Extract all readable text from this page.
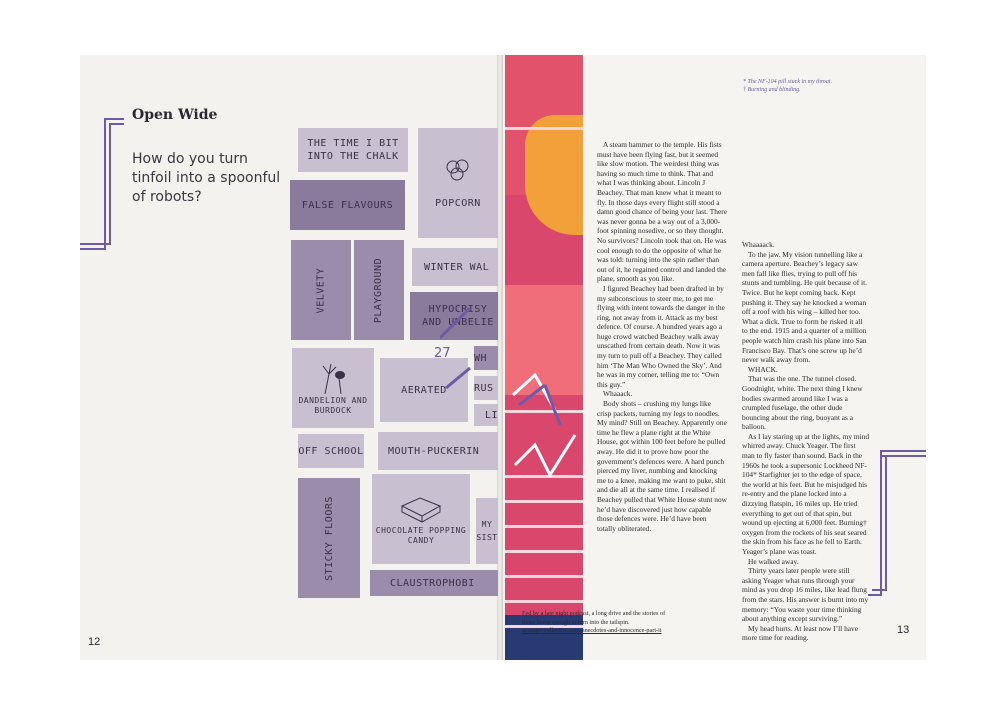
Open Wide
How do you turn tinfoil into a spoonful of robots?
THE TIME I BIT INTO THE CHALK
FALSE FLAVOURS	POPCORN
VELVETY	PLAYGROUND	WINTER WAL
HYPOCRISY AND UNBELIE
DANDELION AND BURDOCK
AERATED
WH
RUS
LI
OFF SCHOOL MOUTH-PUCKERIN
STICKY FLOORS	CHOCOLATE POPPING CANDY
MY SIST
CLAUSTROPHOBI
27
12
* The NF-104 pill stuck in my throat.
† Burning and blinding.

A steam hammer to the temple. His fists must have been flying fast, but it seemed like slow motion. The weirdest thing was having so much time to think. That and what I was thinking about. Lincoln J Beachey. That man knew what it meant to fly. In those days every flight still stood a damn good chance of being your last. There was never gonna be a way out of a 3,000-foot spinning nosedive, or so they thought. No survivors? Lincoln took that on. He was cool enough to do the opposite of what he was told: turning into the spin rather than out of it, he regained control and landed the plane, smooth as you like.

I figured Beachey had been drafted in by my subconscious to steer me, to get me flying with intent towards the danger in the ring, not away from it. Attack as my best defence. Of course. A hundred years ago a huge crowd watched Beachey walk away unscathed from certain death. Now it was my turn to pull off a Beachey. They called him ‘The Man Who Owned the Sky’. And he was in my corner, telling me to: “Own this guy.”

Whaaack.

Body shots – crushing my lungs like crisp packets, turning my legs to noodles. My mind? Still on Beachey. Apparently one time he flew a plane right at the White House, got within 100 feet before he pulled away. He did it to prove how poor the government’s defences were. A hard punch pierced my liver, numbing and knocking me to a knee, making me want to puke, shit and die all at the same time. I realised if Beachey pulled that White House stunt now he’d have discovered just how capable those defences were. He’d have been totally obliterated.

Whaaaack.

To the jaw. My vision tunnelling like a camera aperture. Beachey’s legacy saw men fall like flies, trying to pull off his stunts and tumbling. He quit because of it. Twice. But he kept coming back. Kept pushing it. They say he knocked a woman off a roof with his wing – killed her too. What a dick. True to form he risked it all to the end. 1915 and a quarter of a million people watch him crash his plane into San Francisco Bay. That’s one screw up he’d never walk away from.

WHACK.

That was the one. The tunnel closed. Goodnight, white. The next thing I knew bodies swarmed around like I was a crumpled fuselage, the other dude bouncing about the ring, buoyant as a balloon.

As I lay staring up at the lights, my mind whirred away. Chuck Yeager. The first man to fly faster than sound. Back in the 1960s he took a supersonic Lockheed NF-104* Starfighter jet to the edge of space, the world at his feet. But he misjudged his re-entry and the plane locked into a dizzying flatspin, 16 miles up. He tried everything to get out of that spin, but wound up ejecting at 6,000 feet. Burning† oxygen from the rockets of his seat seared the skin from his face as he fell to Earth. Yeager’s plane was toast.

He walked away.

Thirty years later people were still asking Yeager what runs through your mind as you drop 16 miles, like lead flung from the stars. His answer is burnt into my memory: “You waste your time thinking about anything except surviving.”

My head hurts. At least now I’ll have more time for reading.

Fed by a late night podcast, a long drive and the stories of those brave enough to turn into the tailspin.
stranger-collective.com/anecdotes-and-innocence-part-ii	13
